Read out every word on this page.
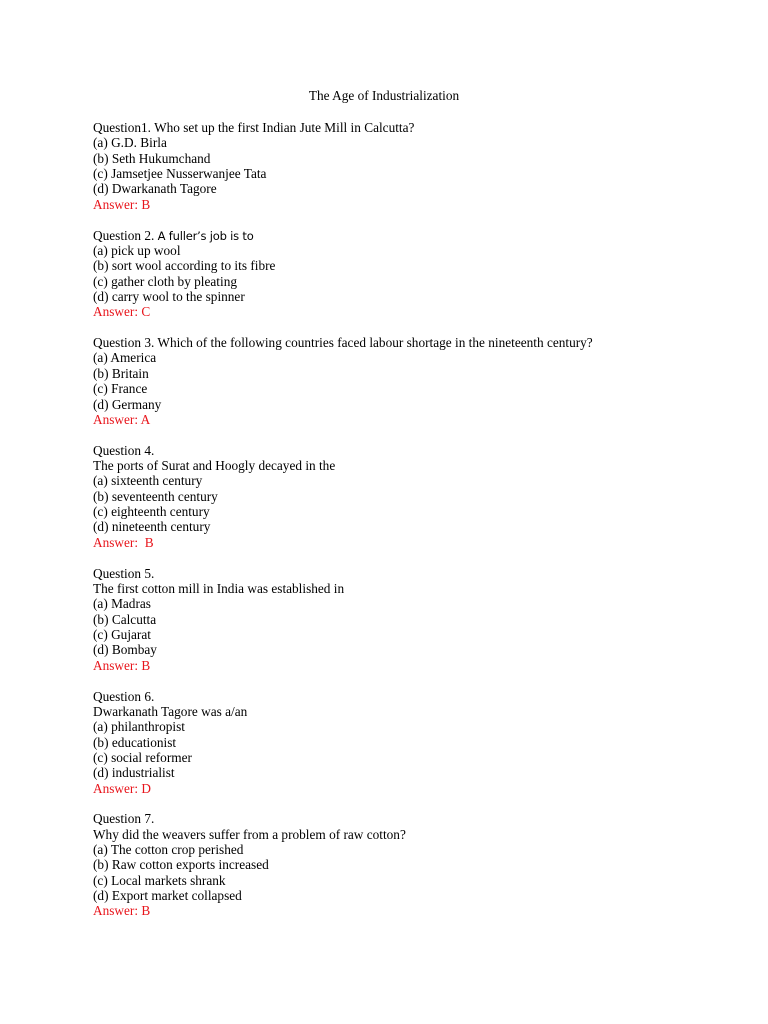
The Age of Industrialization
Question1. Who set up the first Indian Jute Mill in Calcutta?
(a) G.D. Birla
(b) Seth Hukumchand
(c) Jamsetjee Nusserwanjee Tata
(d) Dwarkanath Tagore
Answer: B
Question 2. A fuller’s job is to
(a) pick up wool
(b) sort wool according to its fibre
(c) gather cloth by pleating
(d) carry wool to the spinner
Answer: C
Question 3. Which of the following countries faced labour shortage in the nineteenth century?
(a) America
(b) Britain
(c) France
(d) Germany
Answer: A
Question 4.
The ports of Surat and Hoogly decayed in the
(a) sixteenth century
(b) seventeenth century
(c) eighteenth century
(d) nineteenth century
Answer:  B
Question 5.
The first cotton mill in India was established in
(a) Madras
(b) Calcutta
(c) Gujarat
(d) Bombay
Answer: B
Question 6.
Dwarkanath Tagore was a/an
(a) philanthropist
(b) educationist
(c) social reformer
(d) industrialist
Answer: D
Question 7.
Why did the weavers suffer from a problem of raw cotton?
(a) The cotton crop perished
(b) Raw cotton exports increased
(c) Local markets shrank
(d) Export market collapsed
Answer: B
